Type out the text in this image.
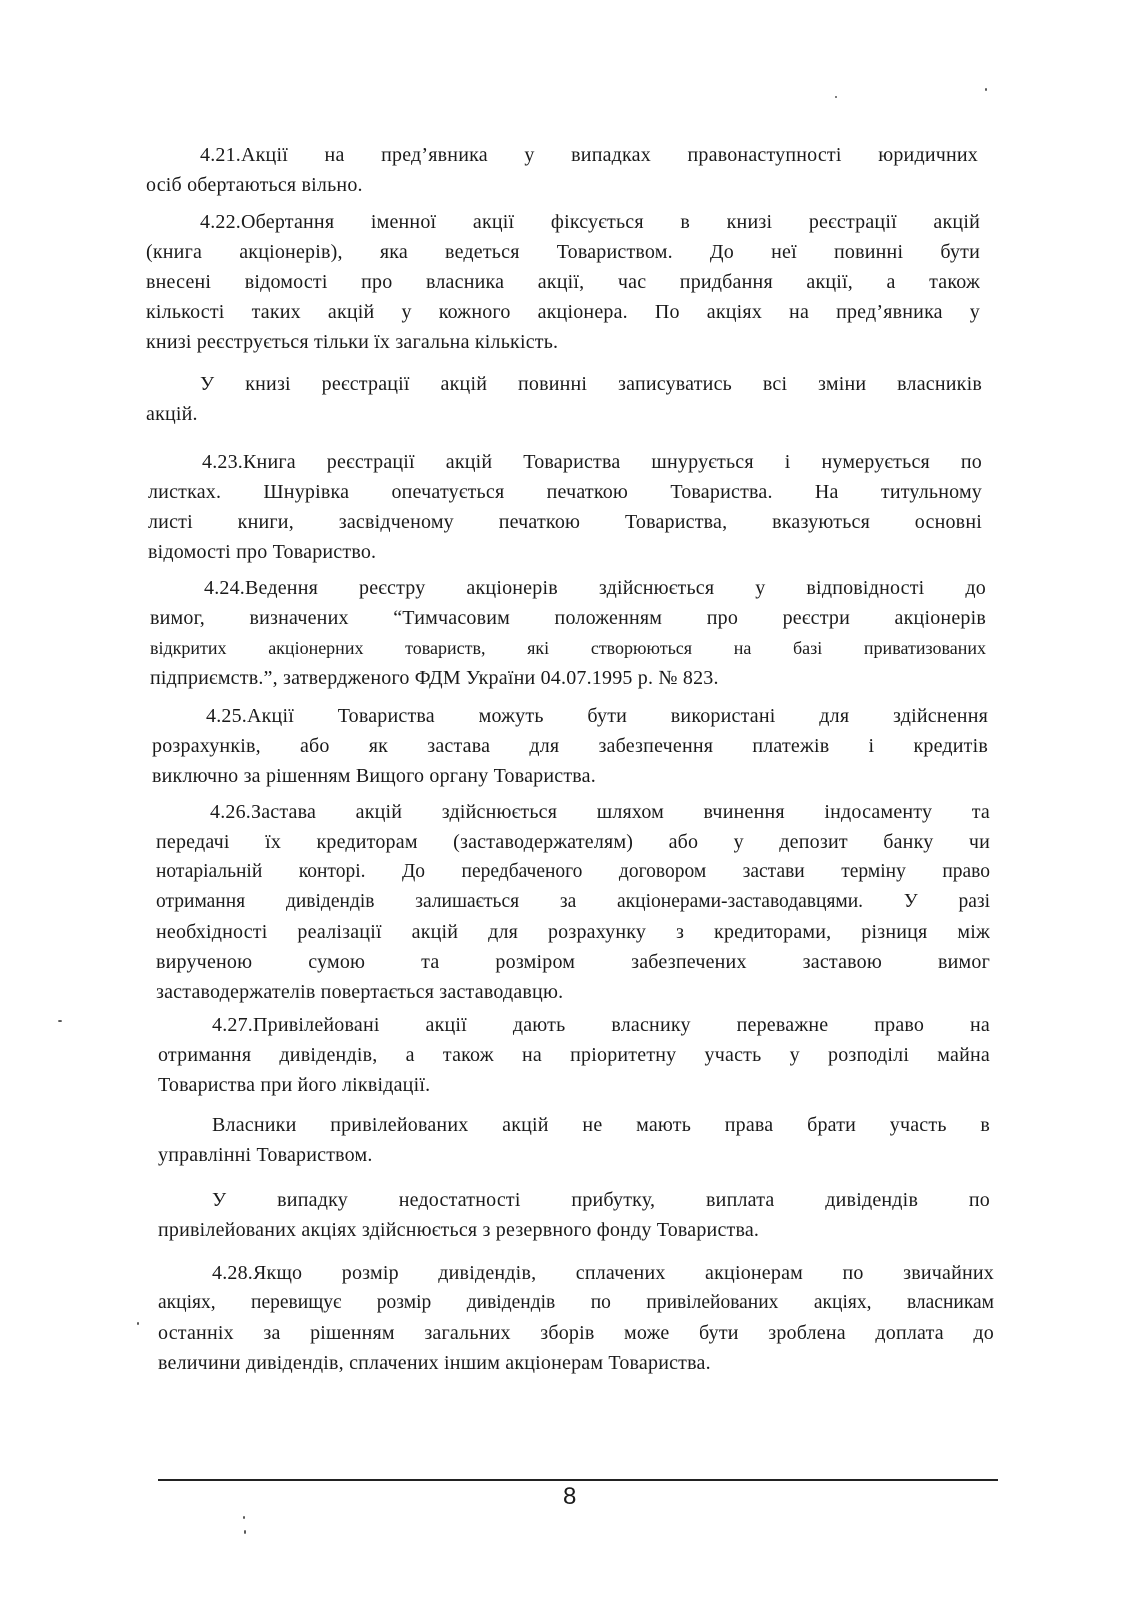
4.21.Акції на пред’явника у випадках правонаступності юридичних
осіб обертаються вільно.
4.22.Обертання іменної акції фіксується в книзі реєстрації акцій
(книга акціонерів), яка ведеться Товариством. До неї повинні бути
внесені відомості про власника акції, час придбання акції, а також
кількості таких акцій у кожного акціонера. По акціях на пред’явника у
книзі реєструється тільки їх загальна кількість.
У книзі реєстрації акцій повинні записуватись всі зміни власників
акцій.
4.23.Книга реєстрації акцій Товариства шнурується і нумерується по
листках. Шнурівка опечатується печаткою Товариства. На титульному
листі книги, засвідченому печаткою Товариства, вказуються основні
відомості про Товариство.
4.24.Ведення реєстру акціонерів здійснюється у відповідності до
вимог, визначених “Тимчасовим положенням про реєстри акціонерів
відкритих акціонерних товариств, які створюються на базі приватизованих
підприємств.”, затвердженого ФДМ України 04.07.1995 р. № 823.
4.25.Акції Товариства можуть бути використані для здійснення
розрахунків, або як застава для забезпечення платежів і кредитів
виключно за рішенням Вищого органу Товариства.
4.26.Застава акцій здійснюється шляхом вчинення індосаменту та
передачі їх кредиторам (заставодержателям) або у депозит банку чи
нотаріальній конторі. До передбаченого договором застави терміну право
отримання дивідендів залишається за акціонерами-заставодавцями. У разі
необхідності реалізації акцій для розрахунку з кредиторами, різниця між
виручeною сумою та розміром забезпечених заставою вимог
заставодержателів повертається заставодавцю.
4.27.Привілейовані акції дають власнику переважне право на
отримання дивідендів, а також на пріоритетну участь у розподілі майна
Товариства при його ліквідації.
Власники привілейованих акцій не мають права брати участь в
управлінні Товариством.
У випадку недостатності прибутку, виплата дивідендів по
привілейованих акціях здійснюється з резервного фонду Товариства.
4.28.Якщо розмір дивідендів, сплачених акціонерам по звичайних
акціях, перевищує розмір дивідендів по привілейованих акціях, власникам
останніх за рішенням загальних зборів може бути зроблена доплата до
величини дивідендів, сплачених іншим акціонерам Товариства.
8
